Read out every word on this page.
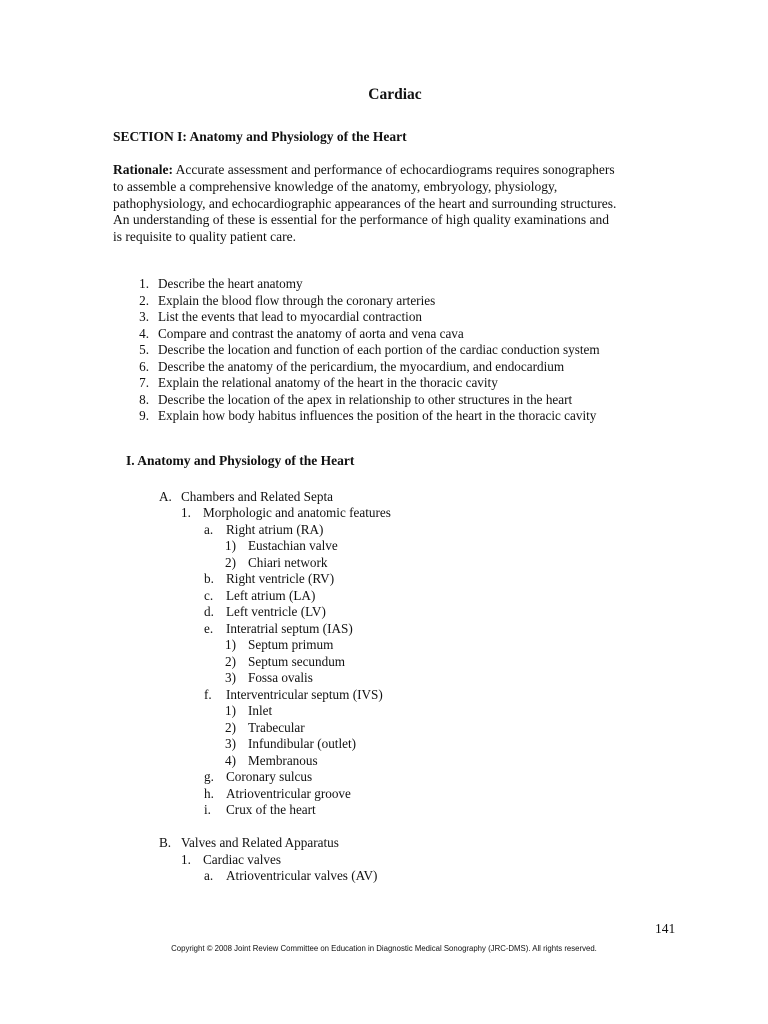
Cardiac
SECTION I: Anatomy and Physiology of the Heart
Rationale: Accurate assessment and performance of echocardiograms requires sonographers
to assemble a comprehensive knowledge of the anatomy, embryology, physiology,
pathophysiology, and echocardiographic appearances of the heart and surrounding structures.
An understanding of these is essential for the performance of high quality examinations and
is requisite to quality patient care.
1. Describe the heart anatomy
2. Explain the blood flow through the coronary arteries
3. List the events that lead to myocardial contraction
4. Compare and contrast the anatomy of aorta and vena cava
5. Describe the location and function of each portion of the cardiac conduction system
6. Describe the anatomy of the pericardium, the myocardium, and endocardium
7. Explain the relational anatomy of the heart in the thoracic cavity
8. Describe the location of the apex in relationship to other structures in the heart
9. Explain how body habitus influences the position of the heart in the thoracic cavity
I. Anatomy and Physiology of the Heart
A. Chambers and Related Septa
1. Morphologic and anatomic features
a. Right atrium (RA)
1) Eustachian valve
2) Chiari network
b. Right ventricle (RV)
c. Left atrium (LA)
d. Left ventricle (LV)
e. Interatrial septum (IAS)
1) Septum primum
2) Septum secundum
3) Fossa ovalis
f. Interventricular septum (IVS)
1) Inlet
2) Trabecular
3) Infundibular (outlet)
4) Membranous
g. Coronary sulcus
h. Atrioventricular groove
i. Crux of the heart
B. Valves and Related Apparatus
1. Cardiac valves
a. Atrioventricular valves (AV)
141
Copyright © 2008 Joint Review Committee on Education in Diagnostic Medical Sonography (JRC-DMS). All rights reserved.
